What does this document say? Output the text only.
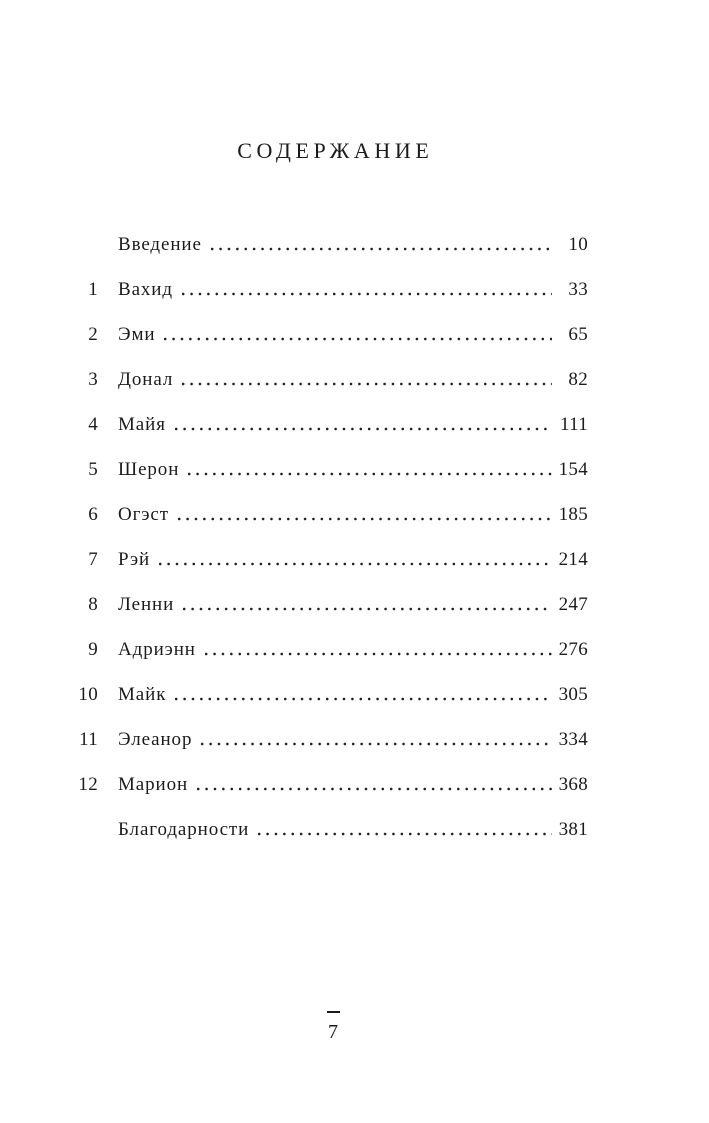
СОДЕРЖАНИЕ
Введение	10
1 Вахид	33
2 Эми	65
3 Донал	82
4 Майя	111
5 Шерон	154
6 Огэст	185
7 Рэй	214
8 Ленни	247
9 Адриэнн	276
10 Майк	305
11 Элеанор	334
12 Марион	368
Благодарности	381
7
